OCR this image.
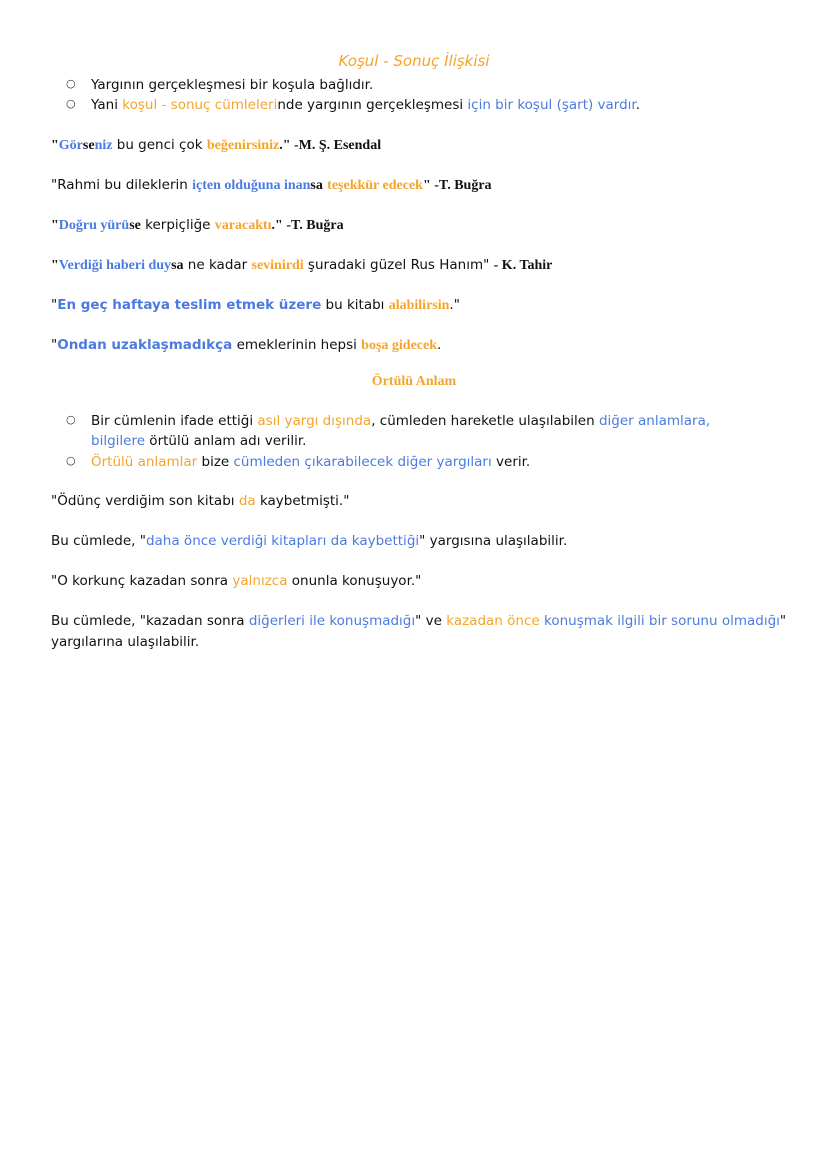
Koşul - Sonuç İlişkisi
○ Yargının gerçekleşmesi bir koşula bağlıdır.
○ Yani koşul - sonuç cümlelerinde yargının gerçekleşmesi için bir koşul (şart) vardır.
"Görseniz bu genci çok beğenirsiniz." -M. Ş. Esendal
"Rahmi bu dileklerin içten olduğuna inansa teşekkür edecek" -T. Buğra
"Doğru yürüse kerpiçliğe varacaktı." -T. Buğra
"Verdiği haberi duysa ne kadar sevinirdi şuradaki güzel Rus Hanım" - K. Tahir
"En geç haftaya teslim etmek üzere bu kitabı alabilirsin."
"Ondan uzaklaşmadıkça emeklerinin hepsi boşa gidecek.
Örtülü Anlam
○ Bir cümlenin ifade ettiği asıl yargı dışında, cümleden hareketle ulaşılabilen diğer anlamlara,
bilgilere örtülü anlam adı verilir.
○ Örtülü anlamlar bize cümleden çıkarabilecek diğer yargıları verir.
"Ödünç verdiğim son kitabı da kaybetmişti."
Bu cümlede, "daha önce verdiği kitapları da kaybettiği" yargısına ulaşılabilir.
"O korkunç kazadan sonra yalnızca onunla konuşuyor."
Bu cümlede, "kazadan sonra diğerleri ile konuşmadığı" ve kazadan önce konuşmak ilgili bir sorunu olmadığı"
yargılarına ulaşılabilir.
